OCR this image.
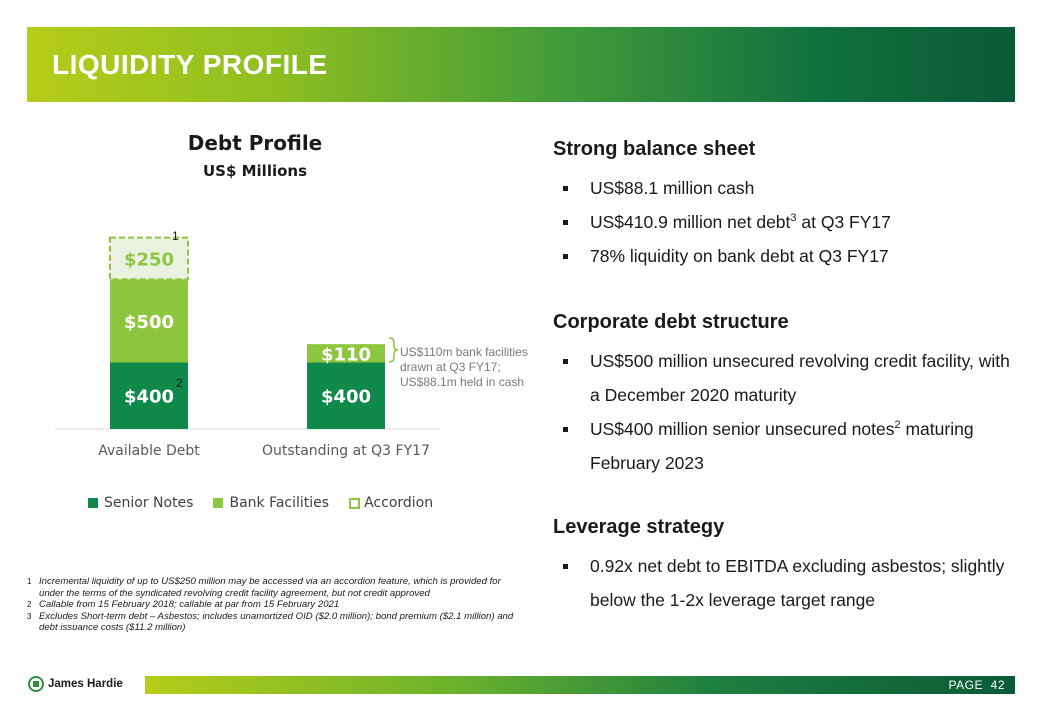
LIQUIDITY PROFILE
Debt Profile
US$ Millions
$400
$500
$250
Available Debt
$400
$110
Outstanding at Q3 FY17
1
2
US$110m bank facilities
drawn at Q3 FY17;
US$88.1m held in cash
Senior Notes	Bank Facilities	Accordion
1 Incremental liquidity of up to US$250 million may be accessed via an accordion feature, which is provided for under the terms of the syndicated revolving credit facility agreement, but not credit approved
2 Callable from 15 February 2018; callable at par from 15 February 2021
3 Excludes Short-term debt – Asbestos; includes unamortized OID ($2.0 million); bond premium ($2.1 million) and debt issuance costs ($11.2 million)
Strong balance sheet
US$88.1 million cash
US$410.9 million net debt$^3$ at Q3 FY17
78% liquidity on bank debt at Q3 FY17
Corporate debt structure
US$500 million unsecured revolving credit facility, with a December 2020 maturity
US$400 million senior unsecured notes$^2$ maturing February 2023
Leverage strategy
0.92x net debt to EBITDA excluding asbestos; slightly below the 1-2x leverage target range
James Hardie	PAGE 42
